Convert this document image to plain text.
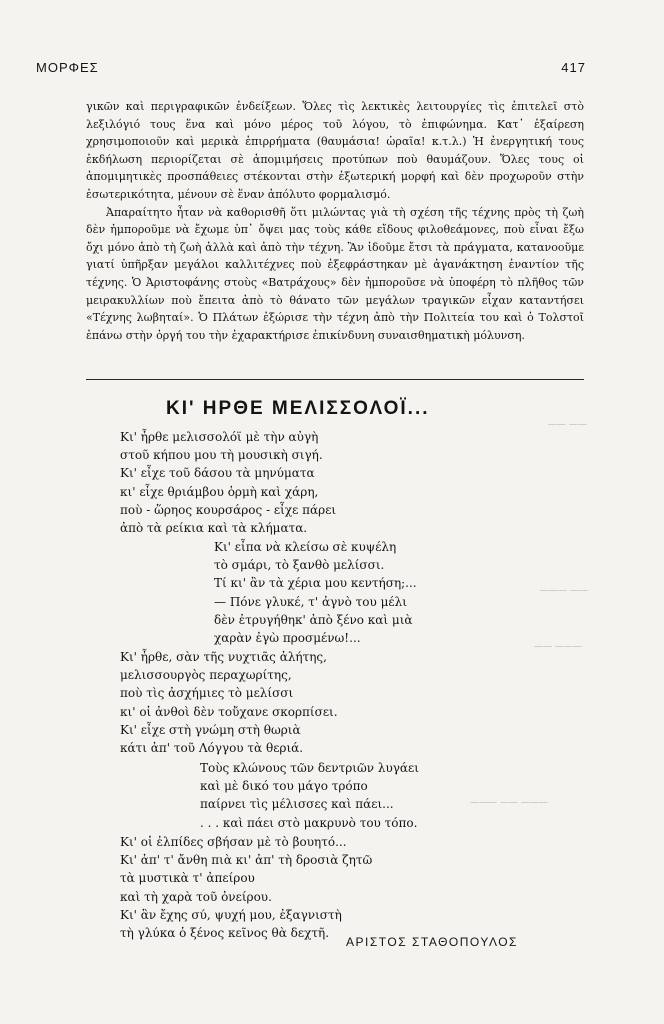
—— ——
——— ——
—— ———
——— —— ———
ΜΟΡΦΕΣ	417

γικῶν καὶ περιγραφικῶν ἐνδείξεων. Ὅλες τὶς λεκτικὲς λειτουργίες τὶς ἐπιτελεῖ στὸ λεξιλόγιό τους ἕνα καὶ μόνο μέρος τοῦ λόγου, τὸ ἐπιφώνημα. Κατ᾽ ἐξαίρεση χρησιμοποιοῦν καὶ μερικὰ ἐπιρρήματα (θαυμάσια! ὡραῖα! κ.τ.λ.) Ἡ ἐνεργητική τους ἐκδήλωση περιορίζεται σὲ ἀπομιμήσεις προτύπων ποὺ θαυμάζουν. Ὅλες τους οἱ ἀπομιμητικὲς προσπάθειες στέκονται στὴν ἐξωτερική μορφή καὶ δὲν προχωροῦν στὴν ἐσωτερικότητα, μένουν σὲ ἕναν ἀπόλυτο φορμαλισμό.

Ἀπαραίτητο ἦταν νὰ καθορισθῆ ὅτι μιλώντας γιὰ τὴ σχέση τῆς τέχνης πρὸς τὴ ζωὴ δὲν ἠμποροῦμε νὰ ἔχωμε ὑπ᾽ ὄψει μας τοὺς κάθε εἴδους φιλοθεάμονες, ποὺ εἶναι ἔξω ὄχι μόνο ἀπὸ τὴ ζωὴ ἀλλὰ καὶ ἀπὸ τὴν τέχνη. Ἂν ἰδοῦμε ἔτσι τὰ πράγματα, κατανοοῦμε γιατί ὑπῆρξαν μεγάλοι καλλιτέχνες ποὺ ἐξεφράστηκαν μὲ ἀγανάκτηση ἐναντίον τῆς τέχνης. Ὁ Ἀριστοφάνης στοὺς «Βατράχους» δὲν ἠμποροῦσε νὰ ὑποφέρη τὸ πλῆθος τῶν μειρακυλλίων ποὺ ἔπειτα ἀπὸ τὸ θάνατο τῶν μεγάλων τραγικῶν εἶχαν καταντήσει «Τέχνης λωβηταί». Ὁ Πλάτων ἐξώρισε τὴν τέχνη ἀπὸ τὴν Πολιτεία του καὶ ὁ Τολστοῖ ἐπάνω στὴν ὀργή του τὴν ἐχαρακτήρισε ἐπικίνδυνη συναισθηματικὴ μόλυνση.

ΚΙ' ΗΡΘΕ ΜΕΛΙΣΣΟΛΟΪ...
Κι' ἦρθε μελισσολόϊ μὲ τὴν αὐγὴ
στοῦ κήπου μου τὴ μουσικὴ σιγή.
Κι' εἶχε τοῦ δάσου τὰ μηνύματα
κι' εἶχε θριάμβου ὁρμὴ καὶ χάρη,
ποὺ - ὥρηος κουρσάρος - εἶχε πάρει
ἀπὸ τὰ ρείκια καὶ τὰ κλήματα.
Κι' εἶπα νὰ κλείσω σὲ κυψέλη
τὸ σμάρι, τὸ ξανθὸ μελίσσι.
Τί κι' ἂν τὰ χέρια μου κεντήση;...
— Πόνε γλυκέ, τ' ἀγνὸ του μέλι
δὲν ἐτρυγήθηκ' ἀπὸ ξένο καὶ μιὰ
χαρὰν ἐγὼ προσμένω!...
Κι' ἦρθε, σὰν τῆς νυχτιᾶς ἀλήτης,
μελισσουργὸς περαχωρίτης,
ποὺ τὶς ἀσχήμιες τὸ μελίσσι
κι' οἱ ἀνθοὶ δὲν τοὔχανε σκορπίσει.
Κι' εἶχε στὴ γνώμη στὴ θωριὰ
κάτι ἀπ' τοῦ Λόγγου τὰ θεριά.
Τοὺς κλώνους τῶν δεντριῶν λυγάει
καὶ μὲ δικό του μάγο τρόπο
παίρνει τὶς μέλισσες καὶ πάει...
. . . καὶ πάει στὸ μακρυνὸ του τόπο.
Κι' οἱ ἐλπίδες σβήσαν μὲ τὸ βουητό...
Κι' ἀπ' τ' ἄνθη πιὰ κι' ἀπ' τὴ δροσιὰ ζητῶ
τὰ μυστικὰ τ' ἀπείρου
καὶ τὴ χαρὰ τοῦ ὀνείρου.
Κι' ἂν ἔχης σύ, ψυχή μου, ἐξαγνιστὴ
τὴ γλύκα ὁ ξένος κεῖνος θὰ δεχτῆ.
ΑΡΙΣΤΟΣ ΣΤΑΘΟΠΟΥΛΟΣ
